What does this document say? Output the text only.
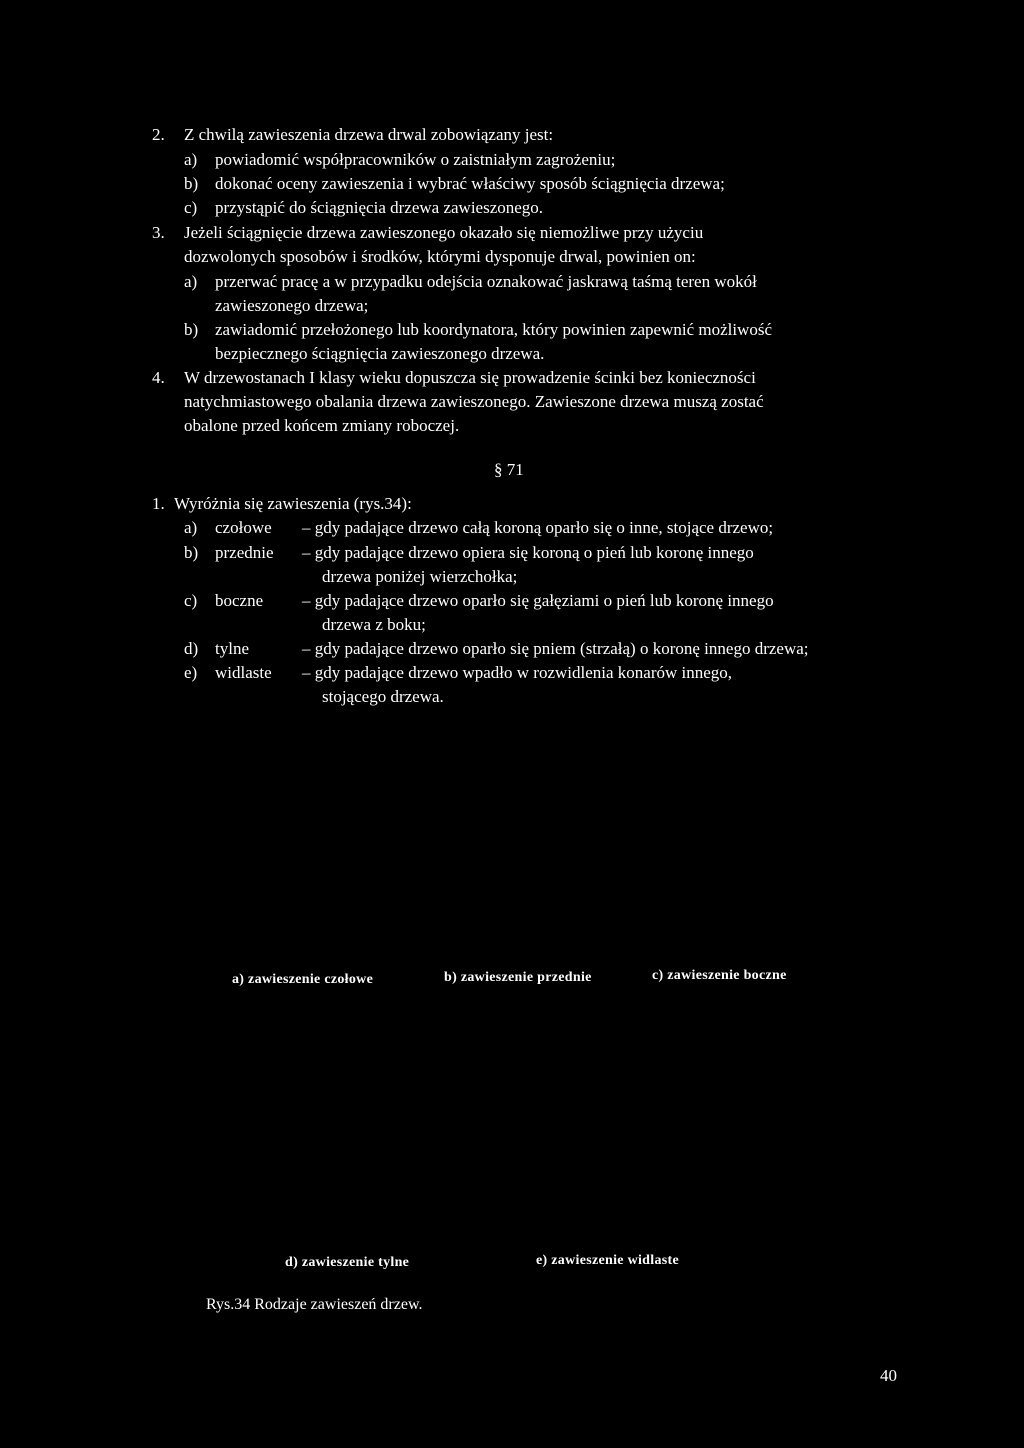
2. Z chwilą zawieszenia drzewa drwal zobowiązany jest:
a) powiadomić współpracowników o zaistniałym zagrożeniu;
b) dokonać oceny zawieszenia i wybrać właściwy sposób ściągnięcia drzewa;
c) przystąpić do ściągnięcia drzewa zawieszonego.
3. Jeżeli ściągnięcie drzewa zawieszonego okazało się niemożliwe przy użyciu
dozwolonych sposobów i środków, którymi dysponuje drwal, powinien on:
a) przerwać pracę a w przypadku odejścia oznakować jaskrawą taśmą teren wokół
zawieszonego drzewa;
b) zawiadomić przełożonego lub koordynatora, który powinien zapewnić możliwość
bezpiecznego ściągnięcia zawieszonego drzewa.
4. W drzewostanach I klasy wieku dopuszcza się prowadzenie ścinki bez konieczności
natychmiastowego obalania drzewa zawieszonego. Zawieszone drzewa muszą zostać
obalone przed końcem zmiany roboczej.
§ 71
1. Wyróżnia się zawieszenia (rys.34):
a) czołowe – gdy padające drzewo całą koroną oparło się o inne, stojące drzewo;
b) przednie – gdy padające drzewo opiera się koroną o pień lub koronę innego
drzewa poniżej wierzchołka;
c) boczne – gdy padające drzewo oparło się gałęziami o pień lub koronę innego
drzewa z boku;
d) tylne	– gdy padające drzewo oparło się pniem (strzałą) o koronę innego drzewa;
e) widlaste – gdy padające drzewo wpadło w rozwidlenia konarów innego,
stojącego drzewa.
a) zawieszenie czołowe	b) zawieszenie przednie	c) zawieszenie boczne
d) zawieszenie tylne	e) zawieszenie widlaste
Rys.34 Rodzaje zawieszeń drzew.
40
